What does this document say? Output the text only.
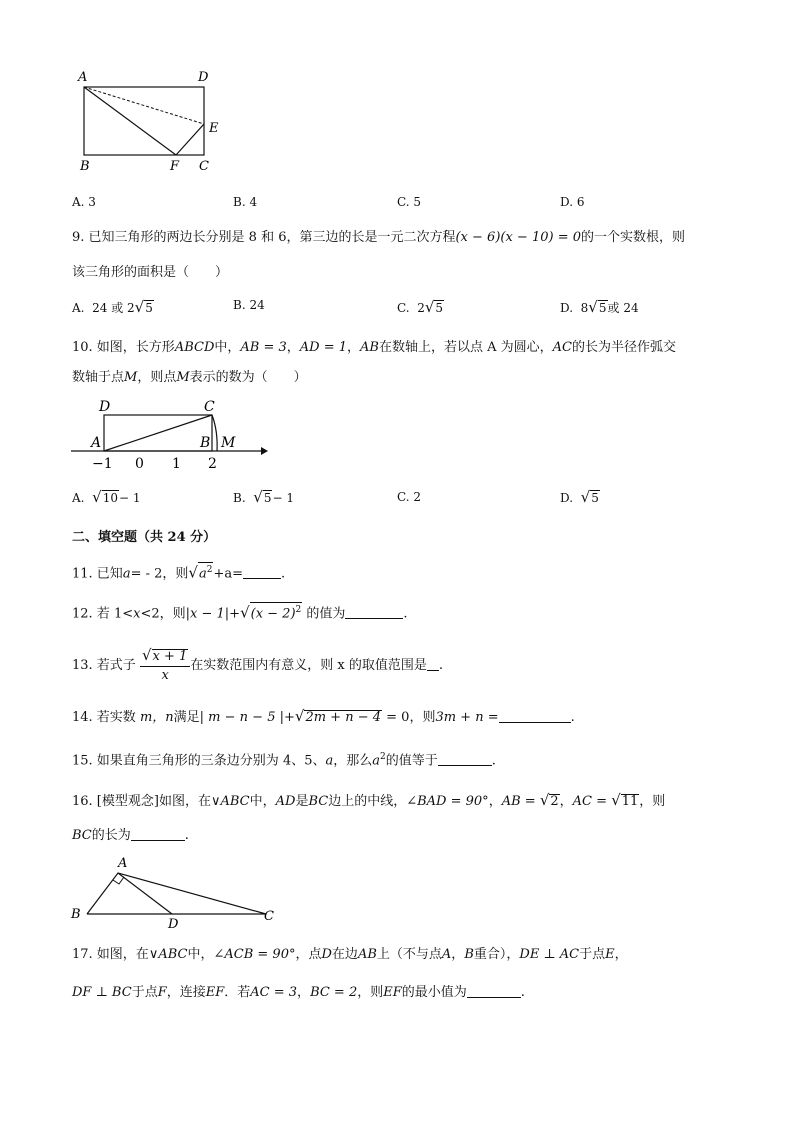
A	D
E
B	F C
A. 3	B. 4	C. 5	D. 6
9. 已知三角形的两边长分别是 8 和 6，第三边的长是一元二次方程(x − 6)(x − 10) = 0的一个实数根，则
该三角形的面积是（　　）
A. 24 或 2√5	B. 24	C. 2√5	D. 8√5或 24
10. 如图，长方形ABCD中，AB = 3，AD = 1，AB在数轴上，若以点 A 为圆心，AC的长为半径作弧交
数轴于点M，则点M表示的数为（　　）
D	C
A	B M
−1 0 1 2
A. √10− 1	B. √5− 1	C. 2	D. √5
二、填空题（共 24 分）
11. 已知a= - 2，则$√a^2+a=$	.
12. 若 1<x<2，则$|x - 1|+√(x - 2)^2$ 的值为	.
13. 若式子 $\frac{√x + 1}{x}$ 在实数范围内有意义，则 x 的取值范围是 .
14. 若实数 m，n满足| m − n − 5 |+√2m + n − 4 = 0，则3m + n =	.
15. 如果直角三角形的三条边分别为 4、5、a，那么$a^2$的值等于	.
16. [模型观念]如图，在∨ABC中，AD是BC边上的中线，∠BAD = 90°，AB = √2，AC = √11，则
BC的长为	.
A
B
D
C
17. 如图，在∨ABC中，∠ACB = 90°，点D在边AB上（不与点A，B重合），DE ⊥ AC于点E，
DF ⊥ BC于点F，连接EF．若AC = 3，BC = 2，则EF的最小值为	.
